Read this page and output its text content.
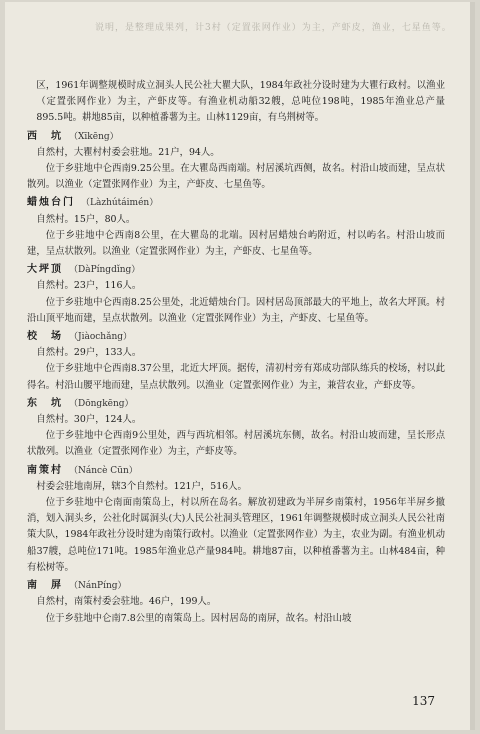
说明，是整理成果列，计3村（定置张网作业）为主，产虾皮，渔业，七星鱼等。

区，1961年调整规模时成立洞头人民公社大瞿大队，1984年政社分设时建为大瞿行政村。以渔业（定置张网作业）为主，产虾皮等。有渔业机动船32艘，总吨位198吨，1985年渔业总产量895.5吨。耕地85亩，以种植番薯为主。山林1129亩，有乌荆树等。

西　坑 （Xīkēng）

自然村，大瞿村村委会驻地。21户，94人。

位于乡驻地中仑西南9.25公里。在大瞿岛西南端。村居溪坑西侧，故名。村沿山坡而建，呈点状散列。以渔业（定置张网作业）为主，产虾皮、七星鱼等。

蜡烛台门 （Làzhútáimén）

自然村。15户，80人。

位于乡驻地中仑西南8公里，在大瞿岛的北端。因村居蜡烛台屿附近，村以屿名。村沿山坡而建，呈点状散列。以渔业（定置张网作业）为主，产虾皮、七星鱼等。

大坪顶 （DàPíngdǐng）

自然村。23户，116人。

位于乡驻地中仑西南8.25公里处，北近蜡烛台门。因村居岛顶部最大的平地上，故名大坪顶。村沿山顶平地而建，呈点状散列。以渔业（定置张网作业）为主，产虾皮、七星鱼等。

校　场 （Jiàochǎng）

自然村。29户，133人。

位于乡驻地中仑西南8.37公里，北近大坪顶。据传，清初村旁有郑成功部队练兵的校场，村以此得名。村沿山腰平地而建，呈点状散列。以渔业（定置张网作业）为主，兼营农业，产虾皮等。

东　坑 （Dōngkēng）

自然村。30户，124人。

位于乡驻地中仑西南9公里处，西与西坑相邻。村居溪坑东侧，故名。村沿山坡而建，呈长形点状散列。以渔业（定置张网作业）为主，产虾皮等。

南策村 （Náncè Cūn）

村委会驻地南屏，辖3个自然村。121户，516人。

位于乡驻地中仑南面南策岛上，村以所在岛名。解放初建政为半屏乡南策村，1956年半屏乡撤消，划入洞头乡，公社化时属洞头(大)人民公社洞头管理区，1961年调整规模时成立洞头人民公社南策大队，1984年政社分设时建为南策行政村。以渔业（定置张网作业）为主，农业为副。有渔业机动船37艘，总吨位171吨。1985年渔业总产量984吨。耕地87亩，以种植番薯为主。山林484亩，种有松树等。

南　屏 （NánPíng）

自然村，南策村委会驻地。46户，199人。

位于乡驻地中仑南7.8公里的南策岛上。因村居岛的南屏，故名。村沿山坡

137
